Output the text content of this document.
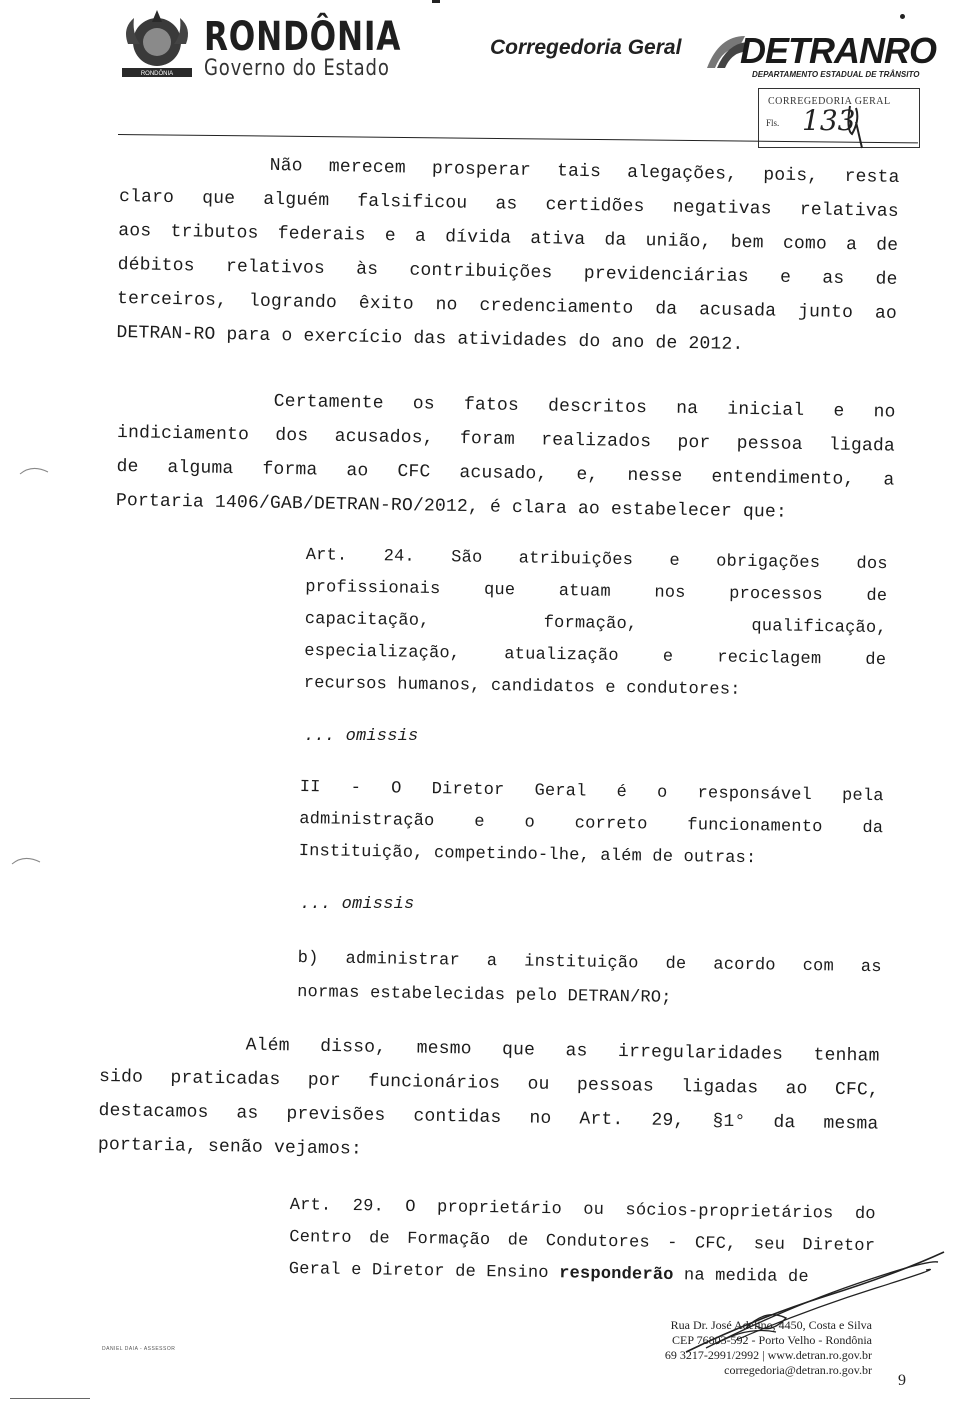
RONDÔNIA
RONDÔNIA
Governo do Estado
Corregedoria Geral DETRANRO
DEPARTAMENTO ESTADUAL DE TRÂNSITO
CORREGEDORIA GERAL
Fls. 133
Não merecem prosperar tais alegações, pois, resta
claro que alguém falsificou as certidões negativas relativas
aos tributos federais e a dívida ativa da união, bem como a de
débitos relativos às contribuições previdenciárias e as de
terceiros, logrando êxito no credenciamento da acusada junto ao
DETRAN-RO para o exercício das atividades do ano de 2012.
Certamente os fatos descritos na inicial e no
indiciamento dos acusados, foram realizados por pessoa ligada
de alguma forma ao CFC acusado, e, nesse entendimento, a
Portaria 1406/GAB/DETRAN-RO/2012, é clara ao estabelecer que:
Art. 24. São atribuições e obrigações dos
profissionais que atuam nos processos de
capacitação, formação, qualificação,
especialização, atualização e reciclagem de
recursos humanos, candidatos e condutores:
... omissis
II - O Diretor Geral é o responsável pela
administração e o correto funcionamento da
Instituição, competindo-lhe, além de outras:
... omissis
b) administrar a instituição de acordo com as
normas estabelecidas pelo DETRAN/RO;
Além disso, mesmo que as irregularidades tenham
sido praticadas por funcionários ou pessoas ligadas ao CFC,
destacamos as previsões contidas no Art. 29, §1° da mesma
portaria, senão vejamos:
Art. 29. O proprietário ou sócios-proprietários do
Centro de Formação de Condutores - CFC, seu Diretor
Geral e Diretor de Ensino responderão na medida de
DANIEL DAIA - ASSESSOR
Rua Dr. José Adelino, 4450, Costa e Silva
CEP 76803-592 - Porto Velho - Rondônia
69 3217-2991/2992 | www.detran.ro.gov.br
corregedoria@detran.ro.gov.br
9
